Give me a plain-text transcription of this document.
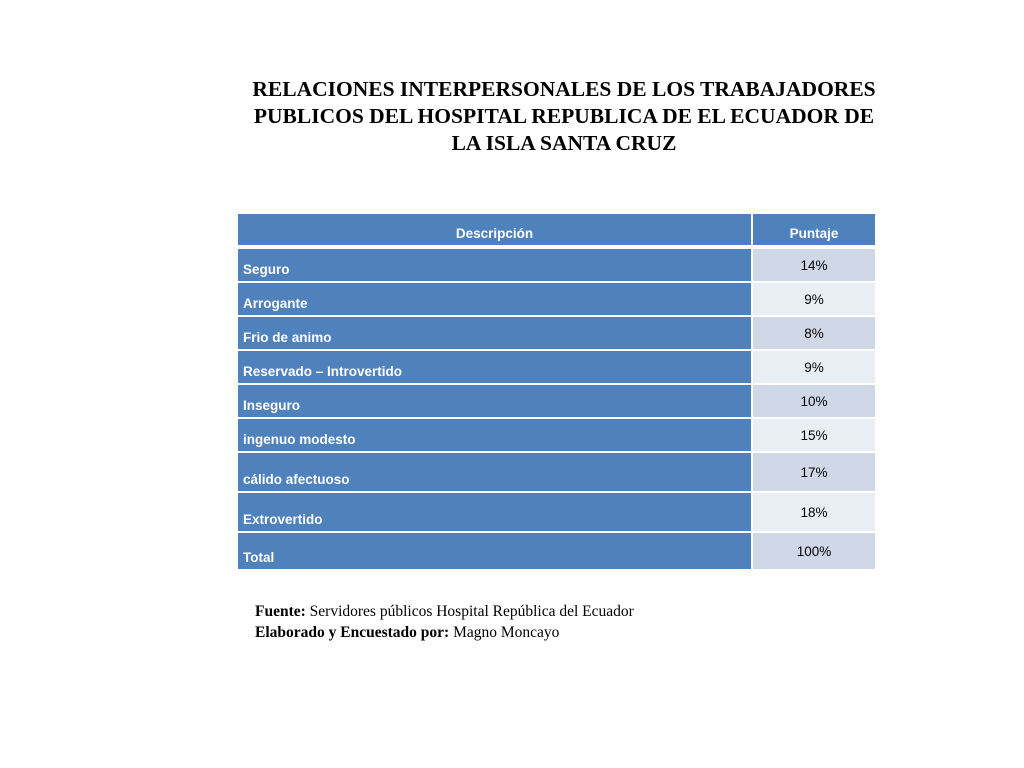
RELACIONES INTERPERSONALES DE LOS TRABAJADORES
PUBLICOS DEL HOSPITAL REPUBLICA DE EL ECUADOR DE
LA ISLA SANTA CRUZ
Descripción	Puntaje
Seguro	14%
Arrogante	9%
Frio de animo	8%
Reservado – Introvertido	9%
Inseguro	10%
ingenuo modesto	15%
cálido afectuoso	17%
Extrovertido	18%
Total	100%
Fuente: Servidores públicos Hospital República del Ecuador
Elaborado y Encuestado por: Magno Moncayo
